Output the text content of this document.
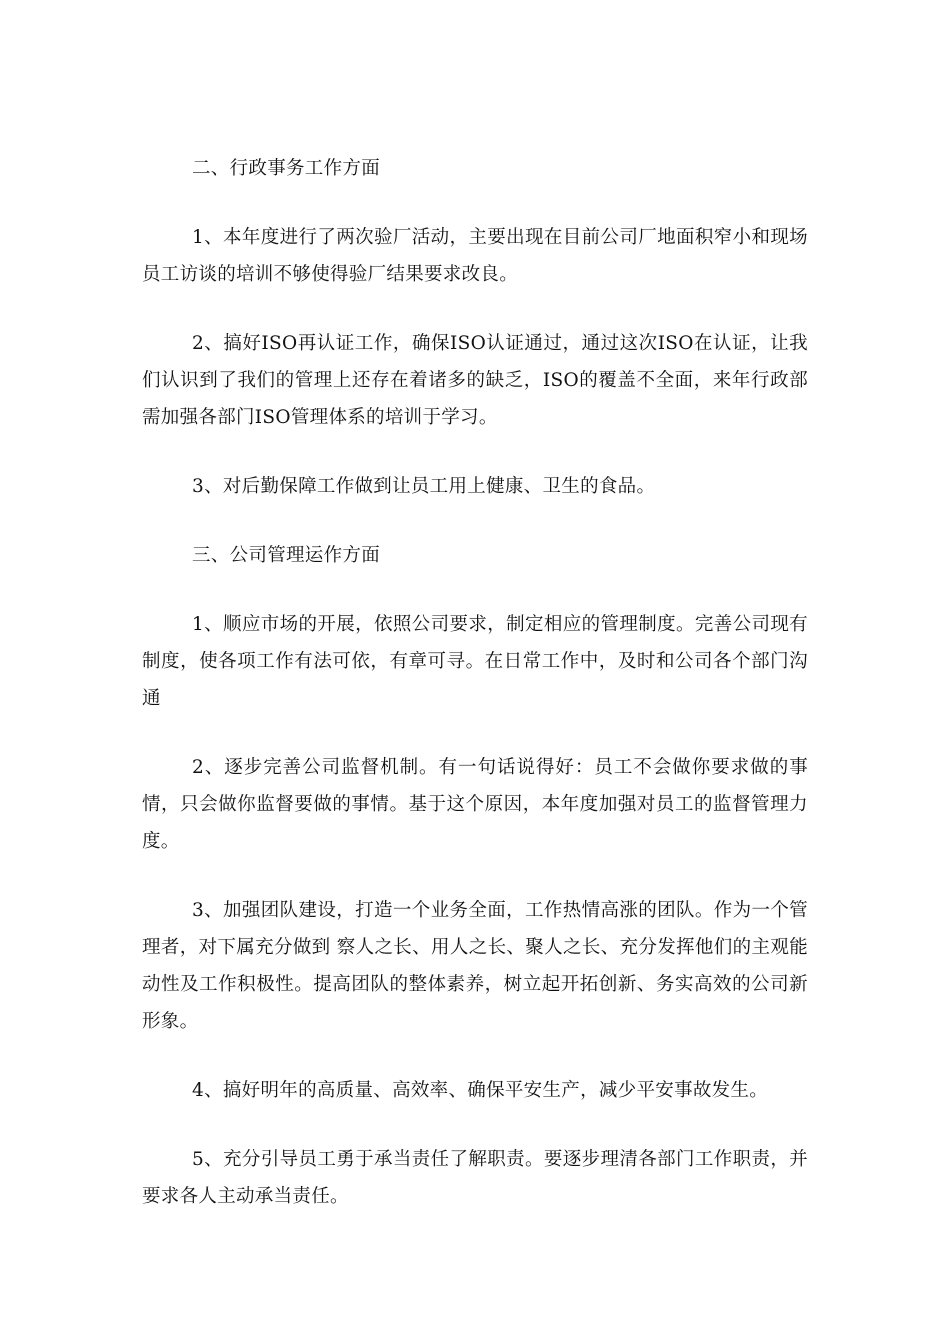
二、行政事务工作方面

1、本年度进行了两次验厂活动，主要出现在目前公司厂地面积窄小和现场员工访谈的培训不够使得验厂结果要求改良。

2、搞好ISO再认证工作，确保ISO认证通过，通过这次ISO在认证，让我们认识到了我们的管理上还存在着诸多的缺乏，ISO的覆盖不全面，来年行政部需加强各部门ISO管理体系的培训于学习。

3、对后勤保障工作做到让员工用上健康、卫生的食品。

三、公司管理运作方面

1、顺应市场的开展，依照公司要求，制定相应的管理制度。完善公司现有制度，使各项工作有法可依，有章可寻。在日常工作中，及时和公司各个部门沟通

2、逐步完善公司监督机制。有一句话说得好：员工不会做你要求做的事情，只会做你监督要做的事情。基于这个原因，本年度加强对员工的监督管理力度。

3、加强团队建设，打造一个业务全面，工作热情高涨的团队。作为一个管理者，对下属充分做到 察人之长、用人之长、聚人之长、充分发挥他们的主观能动性及工作积极性。提高团队的整体素养，树立起开拓创新、务实高效的公司新形象。

4、搞好明年的高质量、高效率、确保平安生产，减少平安事故发生。

5、充分引导员工勇于承当责任了解职责。要逐步理清各部门工作职责，并要求各人主动承当责任。
